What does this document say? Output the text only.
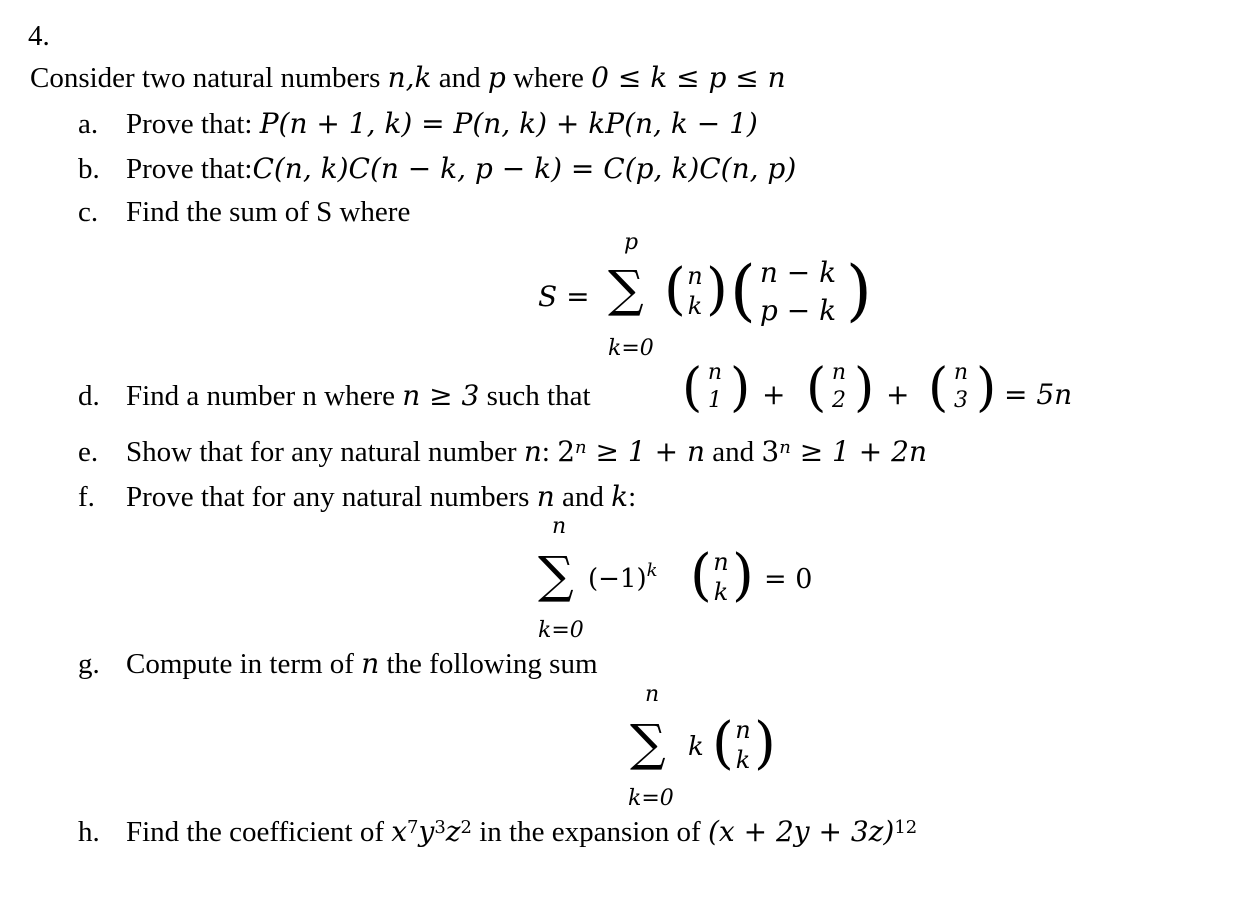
4.
Consider two natural numbers n,k and p where 0 ≤ k ≤ p ≤ n
a. Prove that: P(n + 1, k) = P(n, k) + kP(n, k − 1)
b. Prove that:C(n, k)C(n − k, p − k) = C(p, k)C(n, p)
c. Find the sum of S where
S =
p
∑
k=0
( n
k ) ( n − k
p − k )
d. Find a number n where n ≥ 3 such that ( n
1 ) + ( n
2 ) + ( n
3 ) = 5n
e. Show that for any natural number n: $2^n \ge 1 + n$ and $3^n \ge 1 + 2n$
f. Prove that for any natural numbers n and k:
n
∑
k=0
$(-1)^k$ ( n
k ) = 0
g. Compute in term of n the following sum
n
∑
k=0
k ( n
k )
h. Find the coefficient of $x^7y^3z^2$ in the expansion of $(x + 2y + 3z)^{12}$
